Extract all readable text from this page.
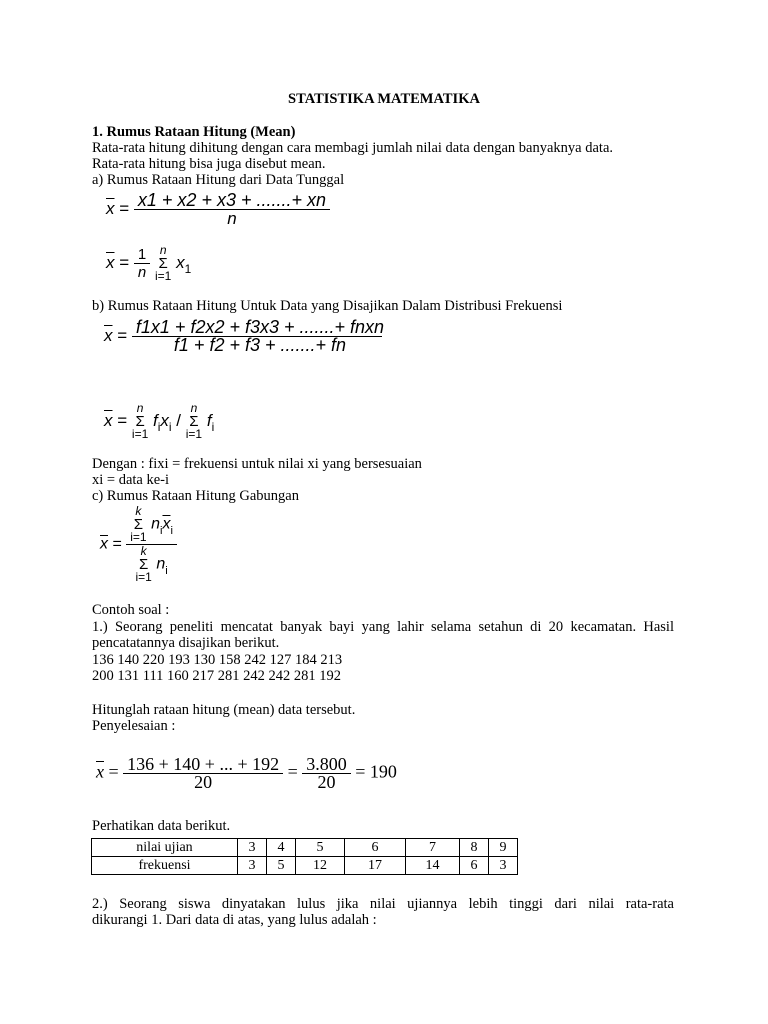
STATISTIKA MATEMATIKA
1. Rumus Rataan Hitung (Mean)
Rata-rata hitung dihitung dengan cara membagi jumlah nilai data dengan banyaknya data.
Rata-rata hitung bisa juga disebut mean.
a) Rumus Rataan Hitung dari Data Tunggal
$\overline{x} = \frac{x1 + x2 + x3 + .......+ xn}{n}$
$\overline{x} = \frac{1}{n}$
n
Σ
i=1
$x_1$
b) Rumus Rataan Hitung Untuk Data yang Disajikan Dalam Distribusi Frekuensi
$\overline{x} = \frac{\text{f1x1 + f2x2 + f3x3 + .......+ fnxn}}{f1 + f2 + f3 + .......+ fn}$
$\overline{x}$ =
n
Σ
i=1
$f_ix_i$ /
n
Σ
i=1
$f_i$
Dengan : fixi = frekuensi untuk nilai xi yang bersesuaian
xi = data ke-i
c) Rumus Rataan Hitung Gabungan
$\overline{x} = k$
Σ
i=1
$n_i\overline{x}_i$
k
Σ
i=1
$n_i$
Contoh soal :
1.) Seorang peneliti mencatat banyak bayi yang lahir selama setahun di 20 kecamatan. Hasil
pencatatannya disajikan berikut.
136 140 220 193 130 158 242 127 184 213
200 131 111 160 217 281 242 242 281 192
Hitunglah rataan hitung (mean) data tersebut.
Penyelesaian :
$\overline{x} = \frac{136 + 140 + ... + 192}{20} = \frac{3.800}{20} = 190$
Perhatikan data berikut.
nilai ujian	3	4	5	6	7	8	9
frekuensi	3	5	12	17	14	6	3
2.) Seorang siswa dinyatakan lulus jika nilai ujiannya lebih tinggi dari nilai rata-rata
dikurangi 1. Dari data di atas, yang lulus adalah :
